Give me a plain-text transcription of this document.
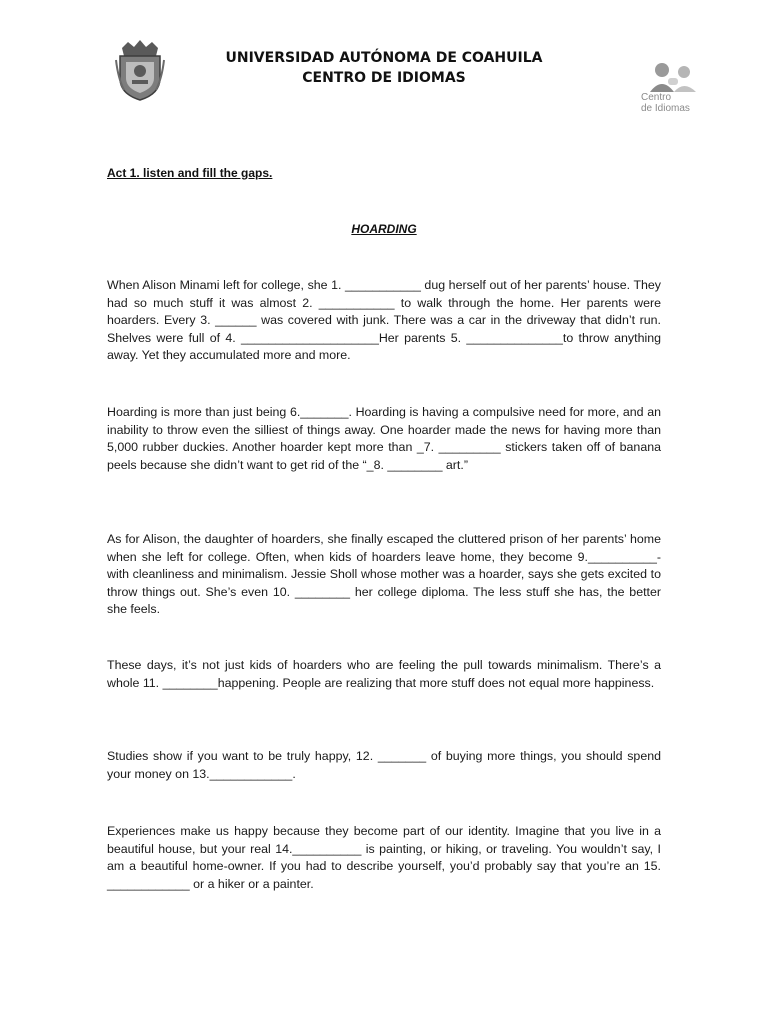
UNIVERSIDAD AUTÓNOMA DE COAHUILA
CENTRO DE IDIOMAS
Centro
de Idiomas
Act 1. listen and fill the gaps.
HOARDING

When Alison Minami left for college, she 1. ___________ dug herself out of her parents’ house. They had so much stuff it was almost 2. ___________ to walk through the home. Her parents were hoarders. Every 3. ______ was covered with junk. There was a car in the driveway that didn’t run. Shelves were full of 4. ____________________Her parents 5. ______________to throw anything away. Yet they accumulated more and more.

Hoarding is more than just being 6._______. Hoarding is having a compulsive need for more, and an inability to throw even the silliest of things away. One hoarder made the news for having more than 5,000 rubber duckies. Another hoarder kept more than _7. _________ stickers taken off of banana peels because she didn’t want to get rid of the “_8. ________ art.”

As for Alison, the daughter of hoarders, she finally escaped the cluttered prison of her parents’ home when she left for college. Often, when kids of hoarders leave home, they become 9.__________- with cleanliness and minimalism. Jessie Sholl whose mother was a hoarder, says she gets excited to throw things out. She’s even 10. ________ her college diploma. The less stuff she has, the better she feels.

These days, it’s not just kids of hoarders who are feeling the pull towards minimalism. There’s a whole 11. ________happening. People are realizing that more stuff does not equal more happiness.

Studies show if you want to be truly happy, 12. _______ of buying more things, you should spend your money on 13.____________.

Experiences make us happy because they become part of our identity. Imagine that you live in a beautiful house, but your real 14.__________ is painting, or hiking, or traveling. You wouldn’t say, I am a beautiful home-owner. If you had to describe yourself, you’d probably say that you’re an 15. ____________ or a hiker or a painter.
